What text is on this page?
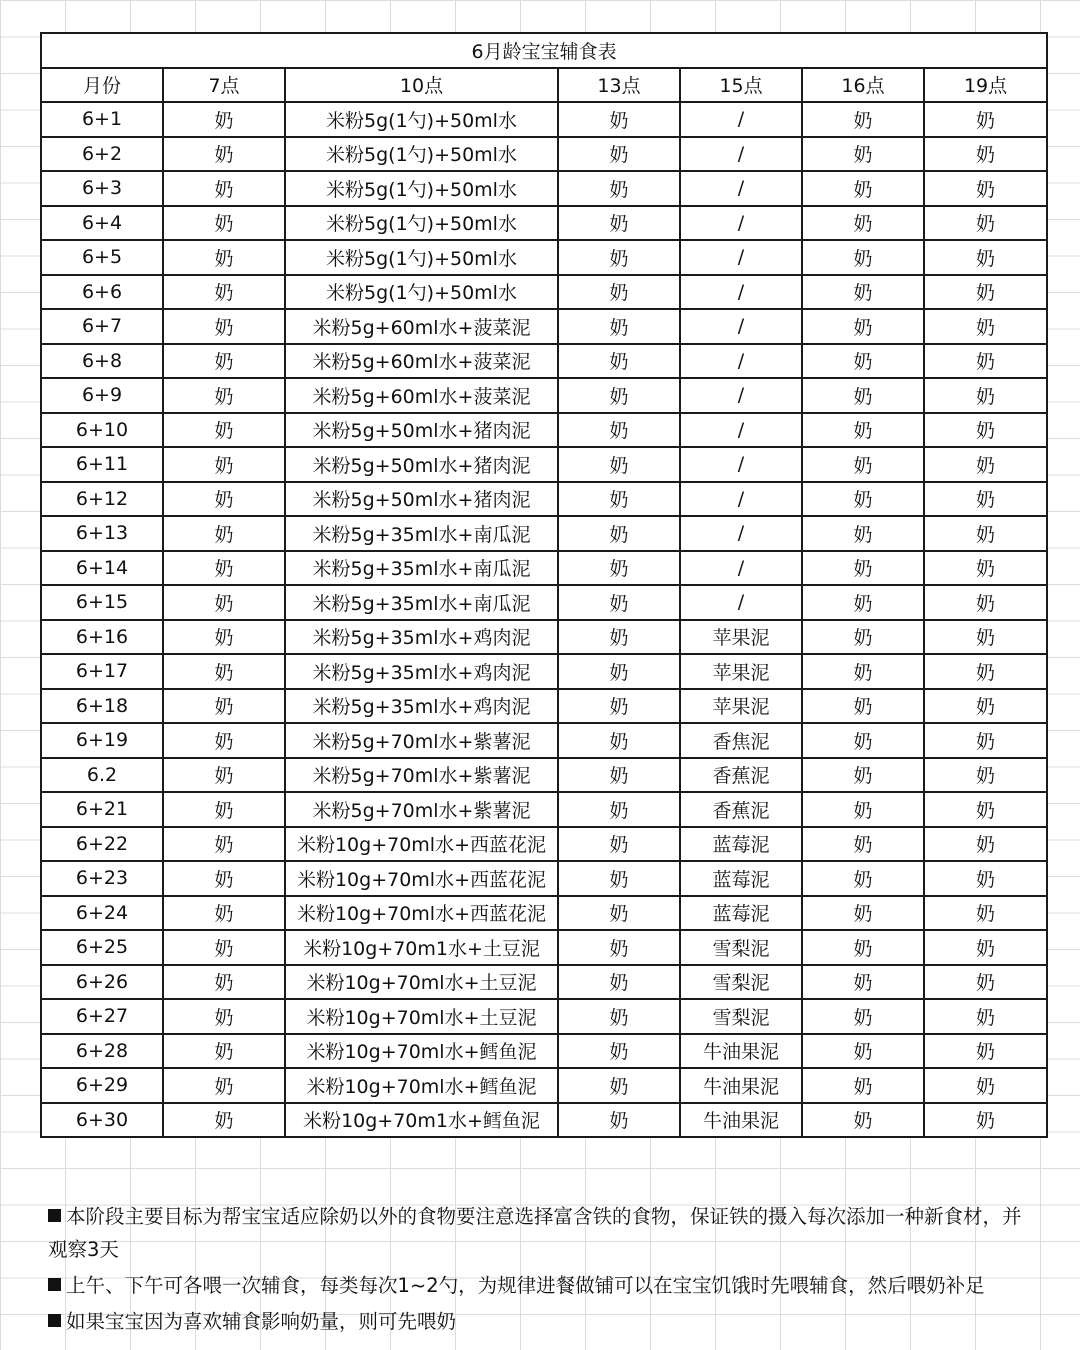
6月龄宝宝辅食表						
月份	7点	10点	13点	15点	16点	19点
6+1	奶	米粉5g(1勺)+50ml水	奶	/	奶	奶
6+2	奶	米粉5g(1勺)+50ml水	奶	/	奶	奶
6+3	奶	米粉5g(1勺)+50ml水	奶	/	奶	奶
6+4	奶	米粉5g(1勺)+50ml水	奶	/	奶	奶
6+5	奶	米粉5g(1勺)+50ml水	奶	/	奶	奶
6+6	奶	米粉5g(1勺)+50ml水	奶	/	奶	奶
6+7	奶	米粉5g+60ml水+菠菜泥	奶	/	奶	奶
6+8	奶	米粉5g+60ml水+菠菜泥	奶	/	奶	奶
6+9	奶	米粉5g+60ml水+菠菜泥	奶	/	奶	奶
6+10	奶	米粉5g+50ml水+猪肉泥	奶	/	奶	奶
6+11	奶	米粉5g+50ml水+猪肉泥	奶	/	奶	奶
6+12	奶	米粉5g+50ml水+猪肉泥	奶	/	奶	奶
6+13	奶	米粉5g+35ml水+南瓜泥	奶	/	奶	奶
6+14	奶	米粉5g+35ml水+南瓜泥	奶	/	奶	奶
6+15	奶	米粉5g+35ml水+南瓜泥	奶	/	奶	奶
6+16	奶	米粉5g+35ml水+鸡肉泥	奶	苹果泥	奶	奶
6+17	奶	米粉5g+35ml水+鸡肉泥	奶	苹果泥	奶	奶
6+18	奶	米粉5g+35ml水+鸡肉泥	奶	苹果泥	奶	奶
6+19	奶	米粉5g+70ml水+紫薯泥	奶	香焦泥	奶	奶
6.2	奶	米粉5g+70ml水+紫薯泥	奶	香蕉泥	奶	奶
6+21	奶	米粉5g+70ml水+紫薯泥	奶	香蕉泥	奶	奶
6+22	奶	米粉10g+70ml水+西蓝花泥	奶	蓝莓泥	奶	奶
6+23	奶	米粉10g+70ml水+西蓝花泥	奶	蓝莓泥	奶	奶
6+24	奶	米粉10g+70ml水+西蓝花泥	奶	蓝莓泥	奶	奶
6+25	奶	米粉10g+70m1水+土豆泥	奶	雪梨泥	奶	奶
6+26	奶	米粉10g+70ml水+土豆泥	奶	雪梨泥	奶	奶
6+27	奶	米粉10g+70ml水+土豆泥	奶	雪梨泥	奶	奶
6+28	奶	米粉10g+70ml水+鳕鱼泥	奶	牛油果泥	奶	奶
6+29	奶	米粉10g+70ml水+鳕鱼泥	奶	牛油果泥	奶	奶
6+30	奶	米粉10g+70m1水+鳕鱼泥	奶	牛油果泥	奶	奶
本阶段主要目标为帮宝宝适应除奶以外的食物要注意选择富含铁的食物，保证铁的摄入每次添加一种新食材，并观察3天
上午、下午可各喂一次辅食，每类每次1~2勺，为规律进餐做铺可以在宝宝饥饿时先喂辅食，然后喂奶补足
如果宝宝因为喜欢辅食影响奶量，则可先喂奶
